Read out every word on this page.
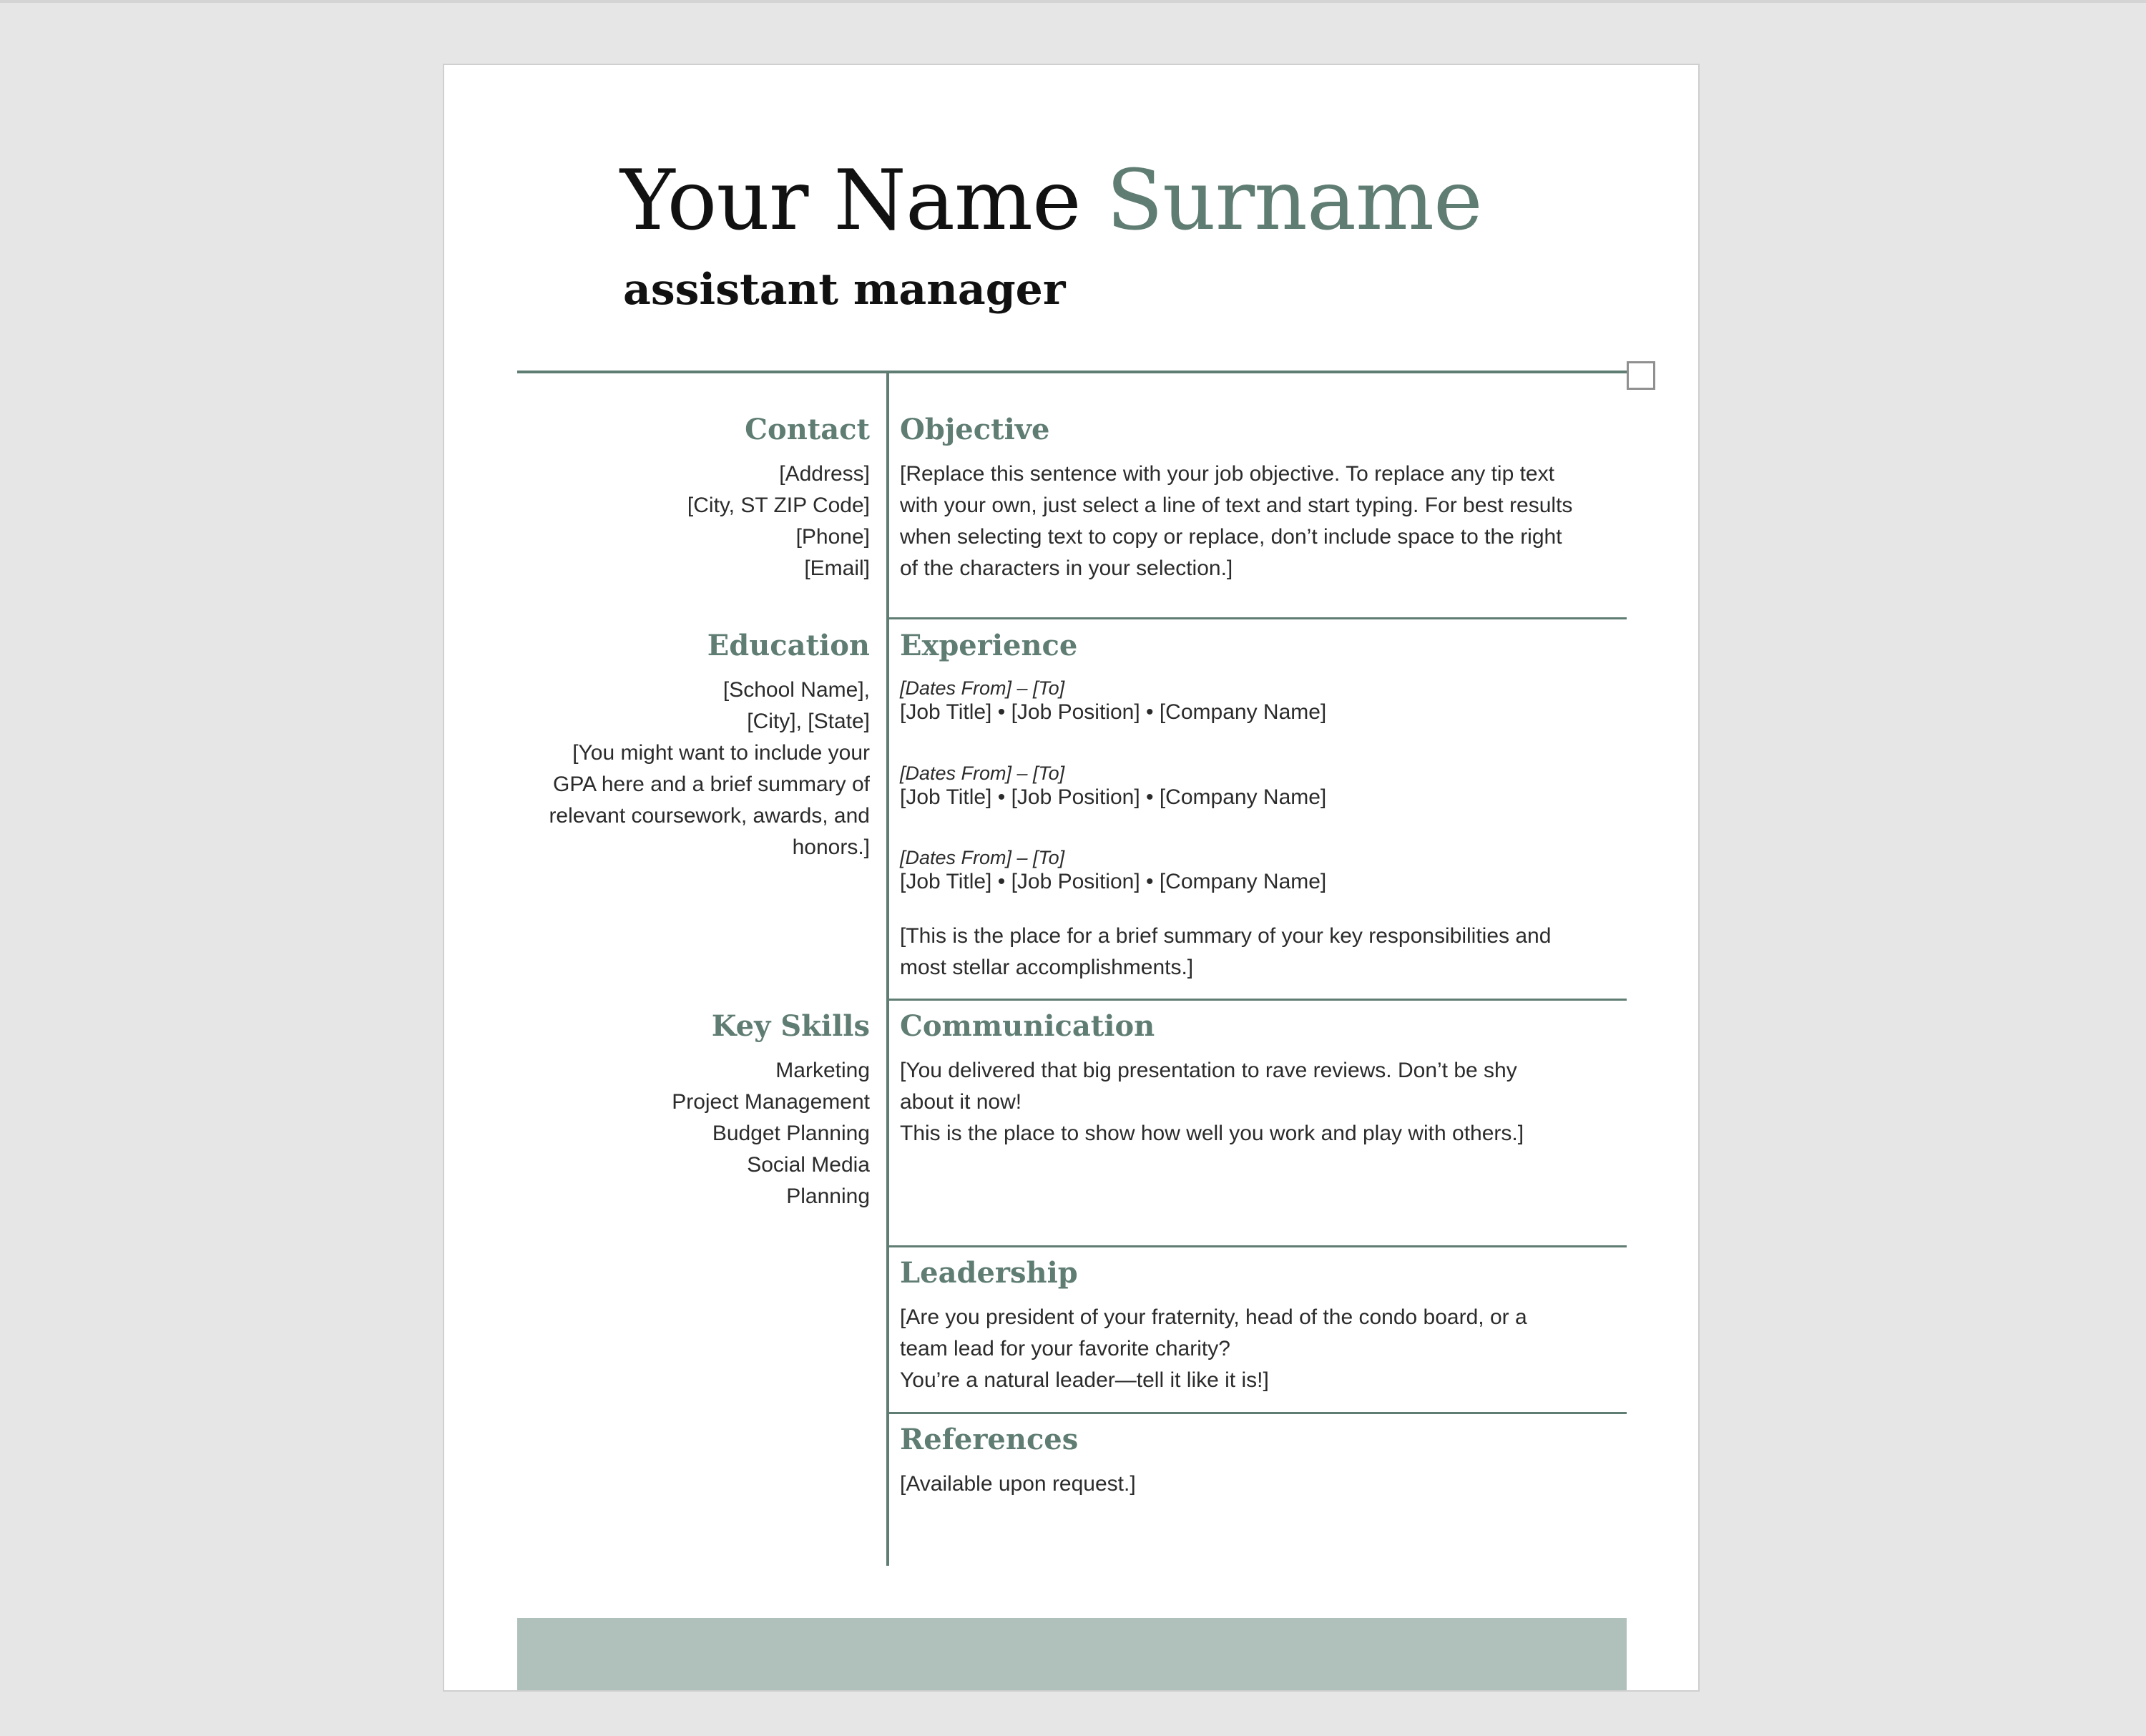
Your Name Surname
assistant manager
Contact
[Address]
[City, ST ZIP Code]
[Phone]
[Email]
Education
[School Name],
[City], [State]
[You might want to include your
GPA here and a brief summary of
relevant coursework, awards, and
honors.]
Key Skills
Marketing
Project Management
Budget Planning
Social Media
Planning
Objective
[Replace this sentence with your job objective. To replace any tip text
with your own, just select a line of text and start typing. For best results
when selecting text to copy or replace, don’t include space to the right
of the characters in your selection.]
Experience
[Dates From] – [To]
[Job Title] • [Job Position] • [Company Name]
[Dates From] – [To]
[Job Title] • [Job Position] • [Company Name]
[Dates From] – [To]
[Job Title] • [Job Position] • [Company Name]
[This is the place for a brief summary of your key responsibilities and
most stellar accomplishments.]
Communication
[You delivered that big presentation to rave reviews. Don’t be shy
about it now!
This is the place to show how well you work and play with others.]
Leadership
[Are you president of your fraternity, head of the condo board, or a
team lead for your favorite charity?
You’re a natural leader—tell it like it is!]
References
[Available upon request.]
